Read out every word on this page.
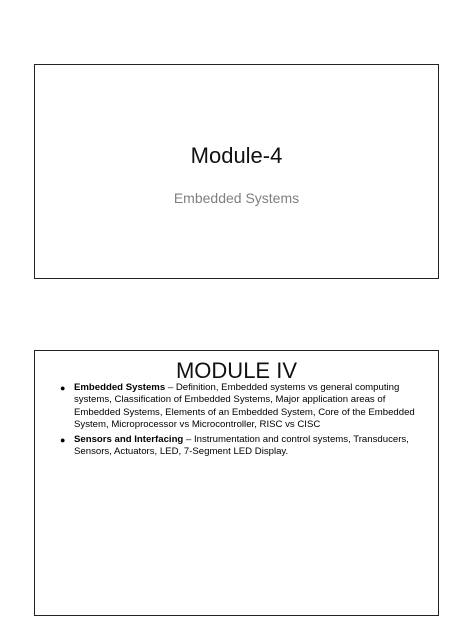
Module-4
Embedded Systems
MODULE IV
● Embedded Systems – Definition, Embedded systems vs general computing systems, Classification of Embedded Systems, Major application areas of Embedded Systems, Elements of an Embedded System, Core of the Embedded System, Microprocessor vs Microcontroller, RISC vs CISC
● Sensors and Interfacing – Instrumentation and control systems, Transducers, Sensors, Actuators, LED, 7-Segment LED Display.
